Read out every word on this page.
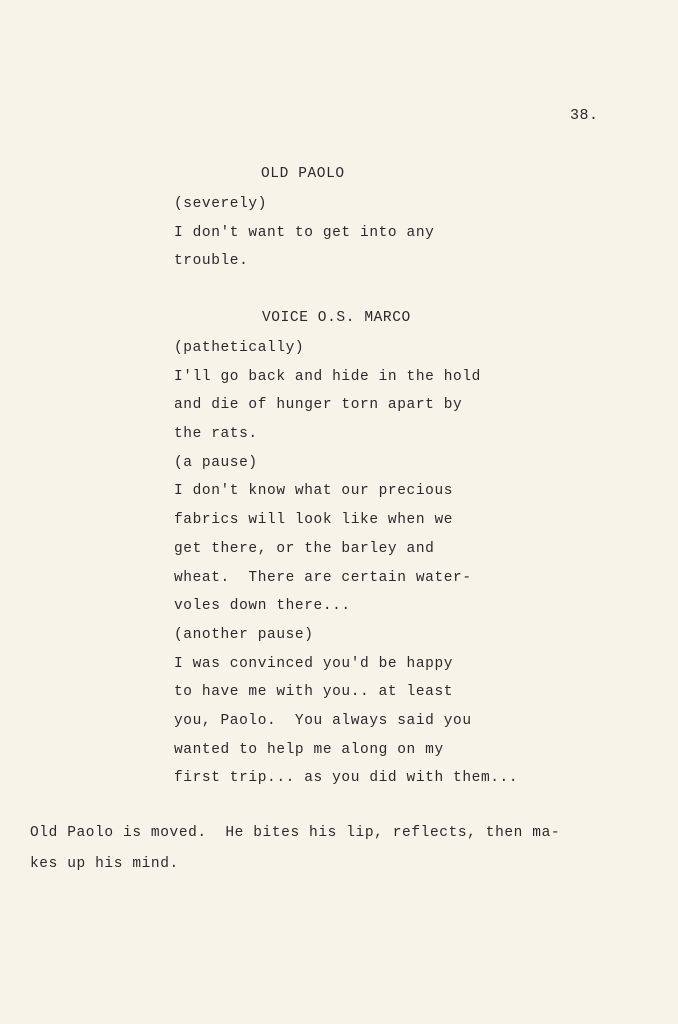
38.
OLD PAOLO
(severely)
I don't want to get into any
trouble.
VOICE O.S. MARCO
(pathetically)
I'll go back and hide in the hold
and die of hunger torn apart by
the rats.
(a pause)
I don't know what our precious
fabrics will look like when we
get there, or the barley and
wheat.  There are certain water-
voles down there...
(another pause)
I was convinced you'd be happy
to have me with you.. at least
you, Paolo.  You always said you
wanted to help me along on my
first trip... as you did with them...
Old Paolo is moved.  He bites his lip, reflects, then ma-
kes up his mind.
